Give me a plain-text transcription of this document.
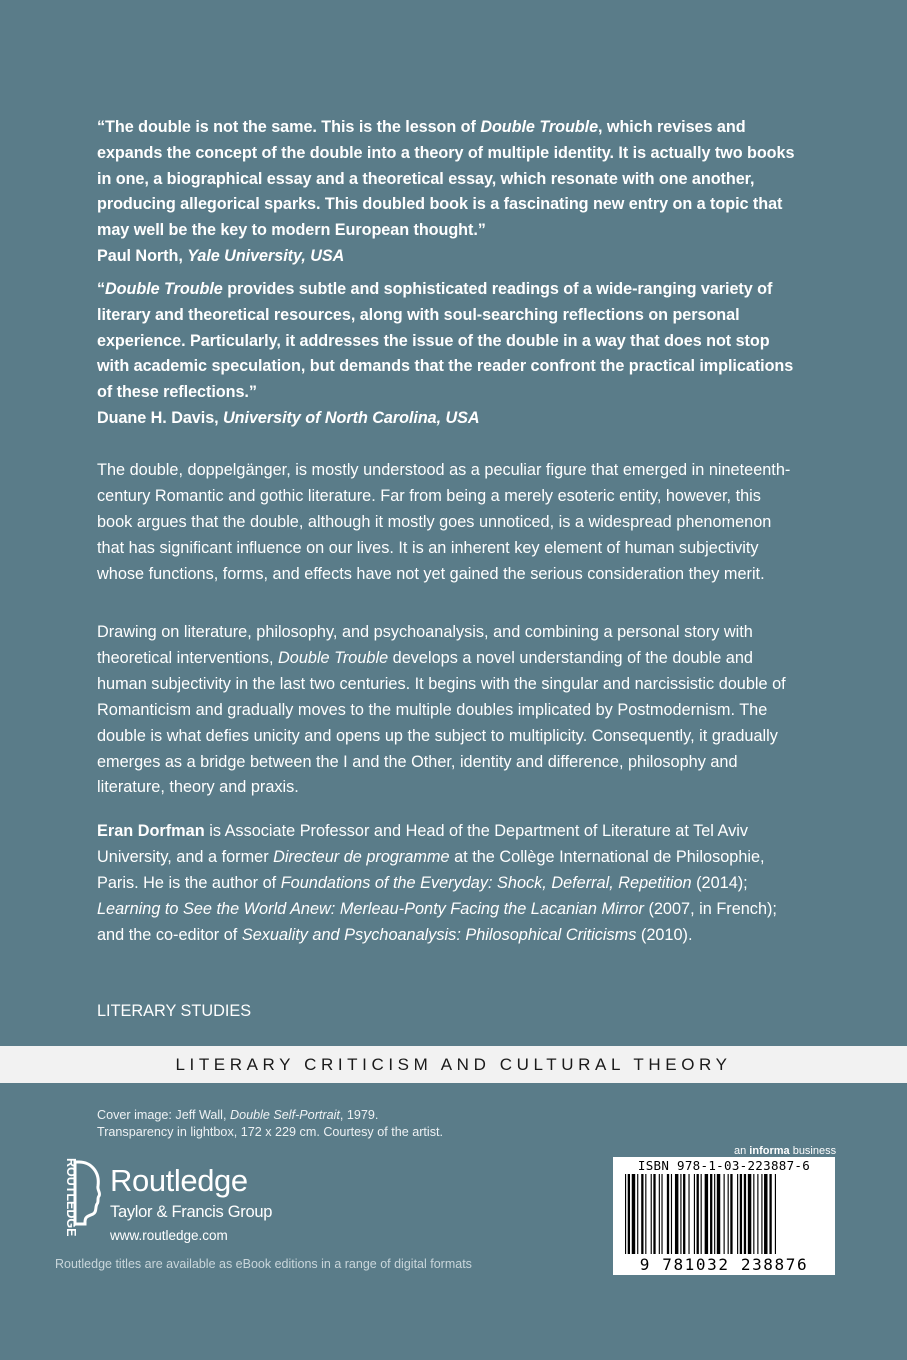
“The double is not the same. This is the lesson of Double Trouble, which revises and expands the concept of the double into a theory of multiple identity. It is actually two books in one, a biographical essay and a theoretical essay, which resonate with one another, producing allegorical sparks. This doubled book is a fascinating new entry on a topic that may well be the key to modern European thought.”

Paul North, Yale University, USA

“Double Trouble provides subtle and sophisticated readings of a wide-ranging variety of literary and theoretical resources, along with soul-searching reflections on personal experience. Particularly, it addresses the issue of the double in a way that does not stop with academic speculation, but demands that the reader confront the practical implications of these reflections.”

Duane H. Davis, University of North Carolina, USA

The double, doppelgänger, is mostly understood as a peculiar figure that emerged in nineteenth-century Romantic and gothic literature. Far from being a merely esoteric entity, however, this book argues that the double, although it mostly goes unnoticed, is a widespread phenomenon that has significant influence on our lives. It is an inherent key element of human subjectivity whose functions, forms, and effects have not yet gained the serious consideration they merit.

Drawing on literature, philosophy, and psychoanalysis, and combining a personal story with theoretical interventions, Double Trouble develops a novel understanding of the double and human subjectivity in the last two centuries. It begins with the singular and narcissistic double of Romanticism and gradually moves to the multiple doubles implicated by Postmodernism. The double is what defies unicity and opens up the subject to multiplicity. Consequently, it gradually emerges as a bridge between the I and the Other, identity and difference, philosophy and literature, theory and praxis.

Eran Dorfman is Associate Professor and Head of the Department of Literature at Tel Aviv University, and a former Directeur de programme at the Collège International de Philosophie, Paris. He is the author of Foundations of the Everyday: Shock, Deferral, Repetition (2014); Learning to See the World Anew: Merleau-Ponty Facing the Lacanian Mirror (2007, in French); and the co-editor of Sexuality and Psychoanalysis: Philosophical Criticisms (2010).

LITERARY STUDIES
LITERARY CRITICISM AND CULTURAL THEORY
Cover image: Jeff Wall, Double Self-Portrait, 1979.
Transparency in lightbox, 172 x 229 cm. Courtesy of the artist.
ROUTLEDGE Routledge
Taylor & Francis Group
www.routledge.com
Routledge titles are available as eBook editions in a range of digital formats
an informa business
ISBN 978-1-03-223887-6
9 781032 238876
